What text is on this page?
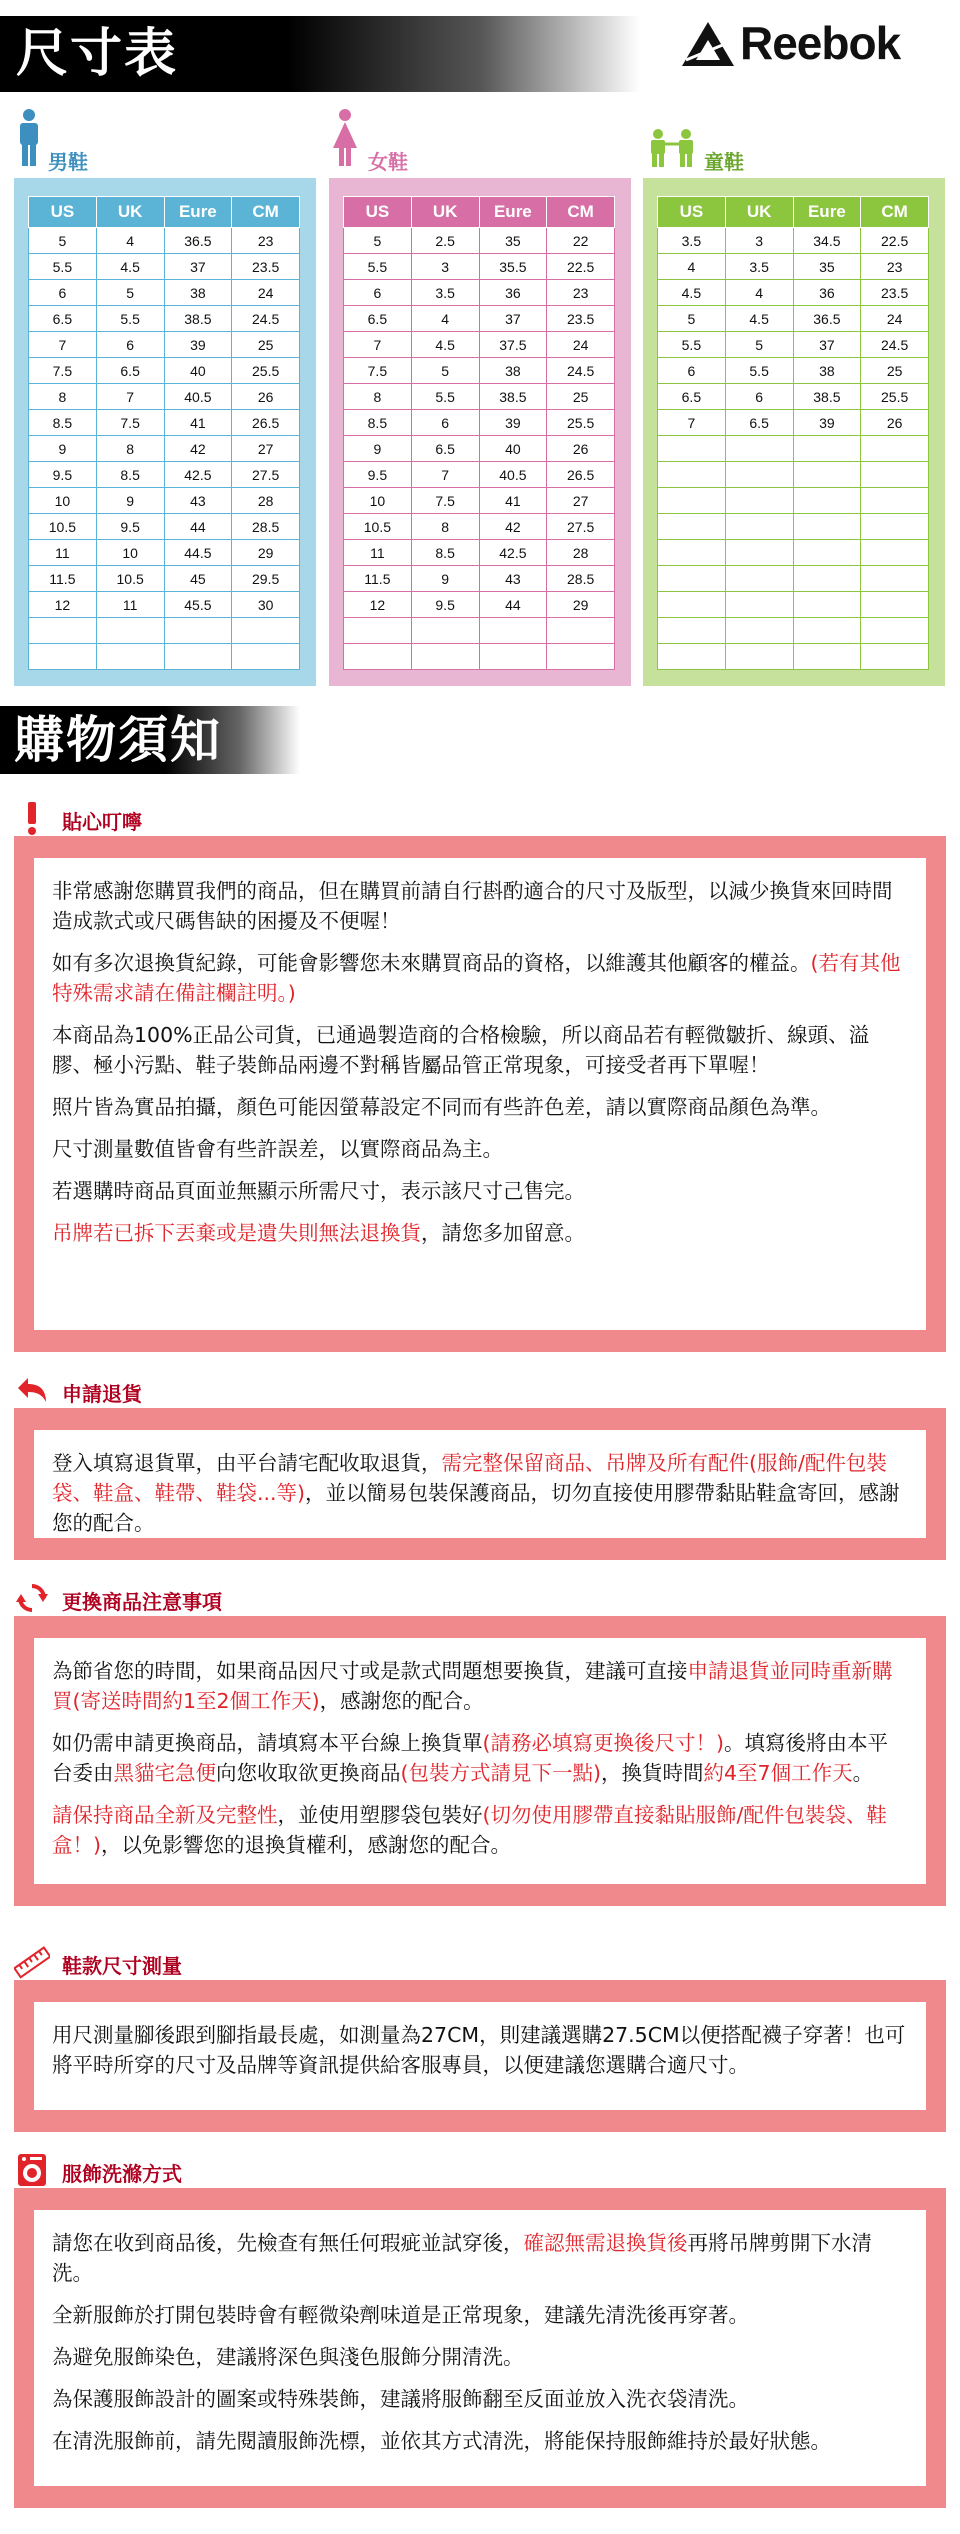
尺寸表	Reebok
男鞋
US	UK	Eure	CM
5	4	36.5	23
5.5	4.5	37	23.5
6	5	38	24
6.5	5.5	38.5	24.5
7	6	39	25
7.5	6.5	40	25.5
8	7	40.5	26
8.5	7.5	41	26.5
9	8	42	27
9.5	8.5	42.5	27.5
10	9	43	28
10.5	9.5	44	28.5
11	10	44.5	29
11.5	10.5	45	29.5
12	11	45.5	30

女鞋
US	UK	Eure	CM
5	2.5	35	22
5.5	3	35.5	22.5
6	3.5	36	23
6.5	4	37	23.5
7	4.5	37.5	24
7.5	5	38	24.5
8	5.5	38.5	25
8.5	6	39	25.5
9	6.5	40	26
9.5	7	40.5	26.5
10	7.5	41	27
10.5	8	42	27.5
11	8.5	42.5	28
11.5	9	43	28.5
12	9.5	44	29

童鞋
US	UK	Eure	CM
3.5	3	34.5	22.5
4	3.5	35	23
4.5	4	36	23.5
5	4.5	36.5	24
5.5	5	37	24.5
6	5.5	38	25
6.5	6	38.5	25.5
7	6.5	39	26

購物須知
貼心叮嚀

非常感謝您購買我們的商品，但在購買前請自行斟酌適合的尺寸及版型，以減少換貨來回時間造成款式或尺碼售缺的困擾及不便喔！

如有多次退換貨紀錄，可能會影響您未來購買商品的資格，以維護其他顧客的權益。(若有其他特殊需求請在備註欄註明。)

本商品為100%正品公司貨，已通過製造商的合格檢驗，所以商品若有輕微皺折、線頭、溢膠、極小污點、鞋子裝飾品兩邊不對稱皆屬品管正常現象，可接受者再下單喔！

照片皆為實品拍攝，顏色可能因螢幕設定不同而有些許色差，請以實際商品顏色為準。

尺寸測量數值皆會有些許誤差，以實際商品為主。

若選購時商品頁面並無顯示所需尺寸，表示該尺寸己售完。

吊牌若已拆下丟棄或是遺失則無法退換貨，請您多加留意。

申請退貨

登入填寫退貨單，由平台請宅配收取退貨，需完整保留商品、吊牌及所有配件(服飾/配件包裝袋、鞋盒、鞋帶、鞋袋...等)，並以簡易包裝保護商品，切勿直接使用膠帶黏貼鞋盒寄回，感謝您的配合。

更換商品注意事項

為節省您的時間，如果商品因尺寸或是款式問題想要換貨，建議可直接申請退貨並同時重新購買(寄送時間約1至2個工作天)，感謝您的配合。

如仍需申請更換商品，請填寫本平台線上換貨單(請務必填寫更換後尺寸！)。填寫後將由本平台委由黑貓宅急便向您收取欲更換商品(包裝方式請見下一點)，換貨時間約4至7個工作天。

請保持商品全新及完整性，並使用塑膠袋包裝好(切勿使用膠帶直接黏貼服飾/配件包裝袋、鞋盒！)，以免影響您的退換貨權利，感謝您的配合。

鞋款尺寸測量

用尺測量腳後跟到腳指最長處，如測量為27CM，則建議選購27.5CM以便搭配襪子穿著！也可將平時所穿的尺寸及品牌等資訊提供給客服專員，以便建議您選購合適尺寸。

服飾洗滌方式

請您在收到商品後，先檢查有無任何瑕疵並試穿後，確認無需退換貨後再將吊牌剪開下水清洗。

全新服飾於打開包裝時會有輕微染劑味道是正常現象，建議先清洗後再穿著。

為避免服飾染色，建議將深色與淺色服飾分開清洗。

為保護服飾設計的圖案或特殊裝飾，建議將服飾翻至反面並放入洗衣袋清洗。

在清洗服飾前，請先閱讀服飾洗標，並依其方式清洗，將能保持服飾維持於最好狀態。
